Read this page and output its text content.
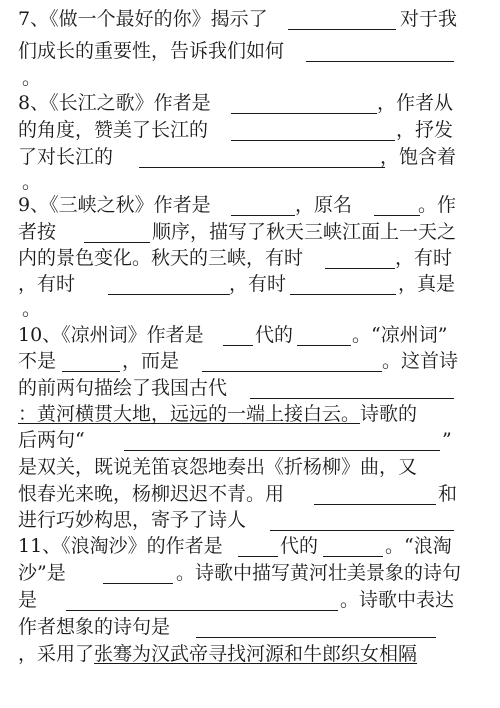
7、《做一个最好的你》揭示了	对于我
们成长的重要性，告诉我们如何
。
8、《长江之歌》作者是	，作者从
的角度，赞美了长江的	，抒发
了对长江的	，饱含着
。
9、《三峡之秋》作者是	，原名	。作
者按	顺序，描写了秋天三峡江面上一天之
内的景色变化。秋天的三峡，有时	，有时
，有时	，有时	，真是
。
10、《凉州词》作者是	代的	。“凉州词”
不是	，而是	。这首诗
的前两句描绘了我国古代
：黄河横贯大地，远远的一端上接白云。诗歌的
后两句“	”
是双关，既说羌笛哀怨地奏出《折杨柳》曲，又
恨春光来晚，杨柳迟迟不青。用	和
进行巧妙构思，寄予了诗人
11、《浪淘沙》的作者是	代的	。“浪淘
沙”是	。诗歌中描写黄河壮美景象的诗句
是	。诗歌中表达
作者想象的诗句是
，采用了张骞为汉武帝寻找河源和牛郎织女相隔
